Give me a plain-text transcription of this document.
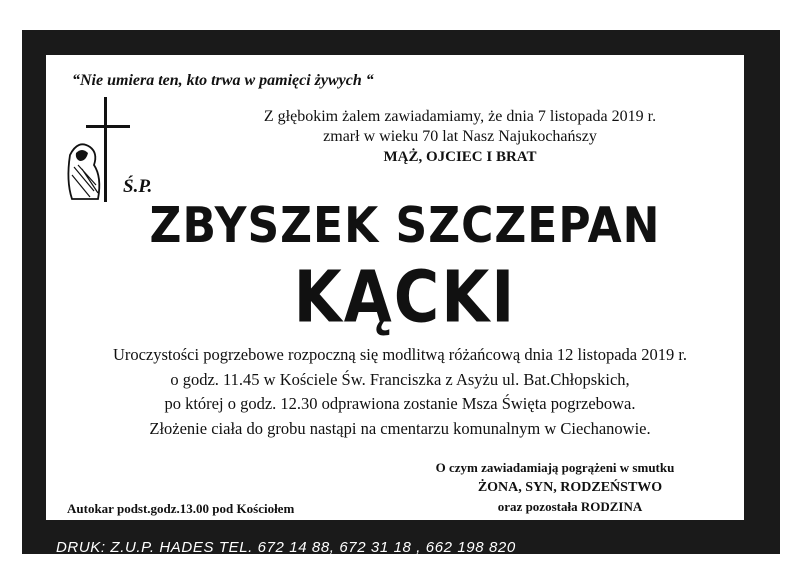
“Nie umiera ten, kto trwa w pamięci żywych “
Z głębokim żalem zawiadamiamy, że dnia 7 listopada 2019 r.
zmarł w wieku 70 lat Nasz Najukochańszy
MĄŻ, OJCIEC I BRAT
Ś.P.
ZBYSZEK SZCZEPAN
KĄCKI
Uroczystości pogrzebowe rozpoczną się modlitwą różańcową dnia 12 listopada 2019 r.
o godz. 11.45 w Kościele Św. Franciszka z Asyżu ul. Bat.Chłopskich,
po której o godz. 12.30 odprawiona zostanie Msza Święta pogrzebowa.
Złożenie ciała do grobu nastąpi na cmentarzu komunalnym w Ciechanowie.
O czym zawiadamiają pogrążeni w smutku
ŻONA, SYN, RODZEŃSTWO
oraz pozostała RODZINA
Autokar podst.godz.13.00 pod Kościołem
DRUK: Z.U.P. HADES TEL. 672 14 88, 672 31 18 , 662 198 820
